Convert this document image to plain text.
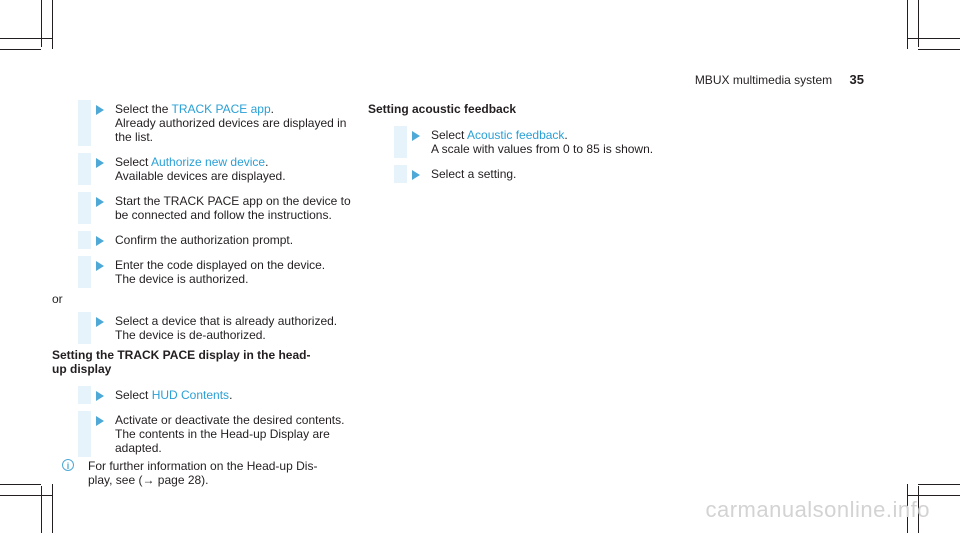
MBUX multimedia system 35

Select the TRACK PACE app.

Already authorized devices are displayed in

the list.

Select Authorize new device.

Available devices are displayed.

Start the TRACK PACE app on the device to

be connected and follow the instructions.

Confirm the authorization prompt.

Enter the code displayed on the device.

The device is authorized.

or

Select a device that is already authorized.

The device is de-authorized.

Setting the TRACK PACE display in the head-
up display

Select HUD Contents.

Activate or deactivate the desired contents.

The contents in the Head-up Display are

adapted.

i	For further information on the Head-up Dis-

play, see (→ page 28).

Setting acoustic feedback

Select Acoustic feedback.

A scale with values from 0 to 85 is shown.

Select a setting.

carmanualsonline.info
